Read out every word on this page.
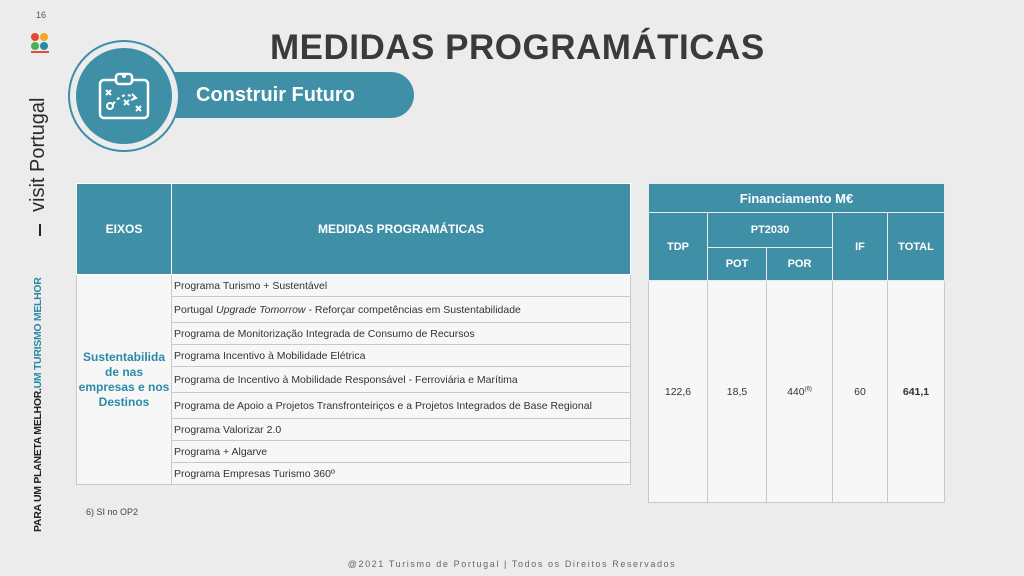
16
visit Portugal
PARA UM PLANETA MELHOR.UM TURISMO MELHOR
MEDIDAS PROGRAMÁTICAS
Construir Futuro
EIXOS	MEDIDAS PROGRAMÁTICAS
Sustentabilida de nas empresas e nos Destinos	Programa Turismo + Sustentável
	Portugal Upgrade Tomorrow - Reforçar competências em Sustentabilidade
	Programa de Monitorização Integrada de Consumo de Recursos
	Programa Incentivo à Mobilidade Elétrica
	Programa de Incentivo à Mobilidade Responsável - Ferroviária e Marítima
	Programa de Apoio a Projetos Transfronteiriços e a Projetos Integrados de Base Regional
	Programa Valorizar 2.0
	Programa + Algarve
	Programa Empresas Turismo 360º
Financiamento M€				
TDP	PT2030		IF	TOTAL
	POT	POR		
122,6	18,5	440$^{(6)}$	60	641,1
6) SI no OP2
@2021 Turismo de Portugal | Todos os Direitos Reservados
